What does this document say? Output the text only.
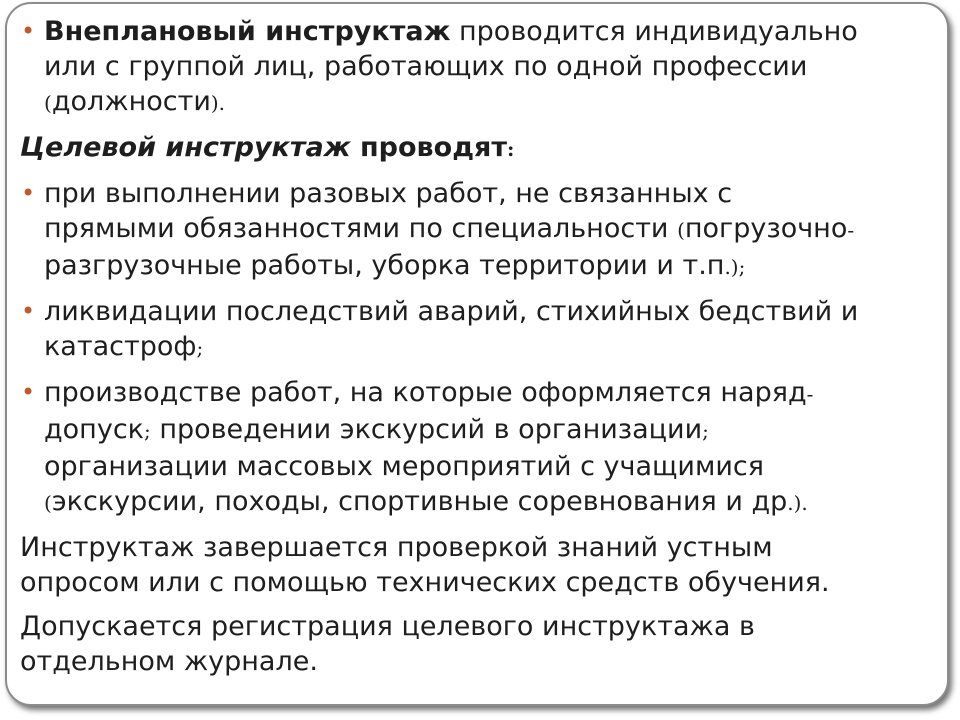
• Внеплановый инструктаж проводится индивидуально
или с группой лиц, работающих по одной профессии
(должности).
Целевой инструктаж проводят:
• при выполнении разовых работ, не связанных с
прямыми обязанностями по специальности (погрузочно-
разгрузочные работы, уборка территории и т.п.);
• ликвидации последствий аварий, стихийных бедствий и
катастроф;
• производстве работ, на которые оформляется наряд-
допуск; проведении экскурсий в организации;
организации массовых мероприятий с учащимися
(экскурсии, походы, спортивные соревнования и др.).
Инструктаж завершается проверкой знаний устным
опросом или с помощью технических средств обучения.
Допускается регистрация целевого инструктажа в
отдельном журнале.
